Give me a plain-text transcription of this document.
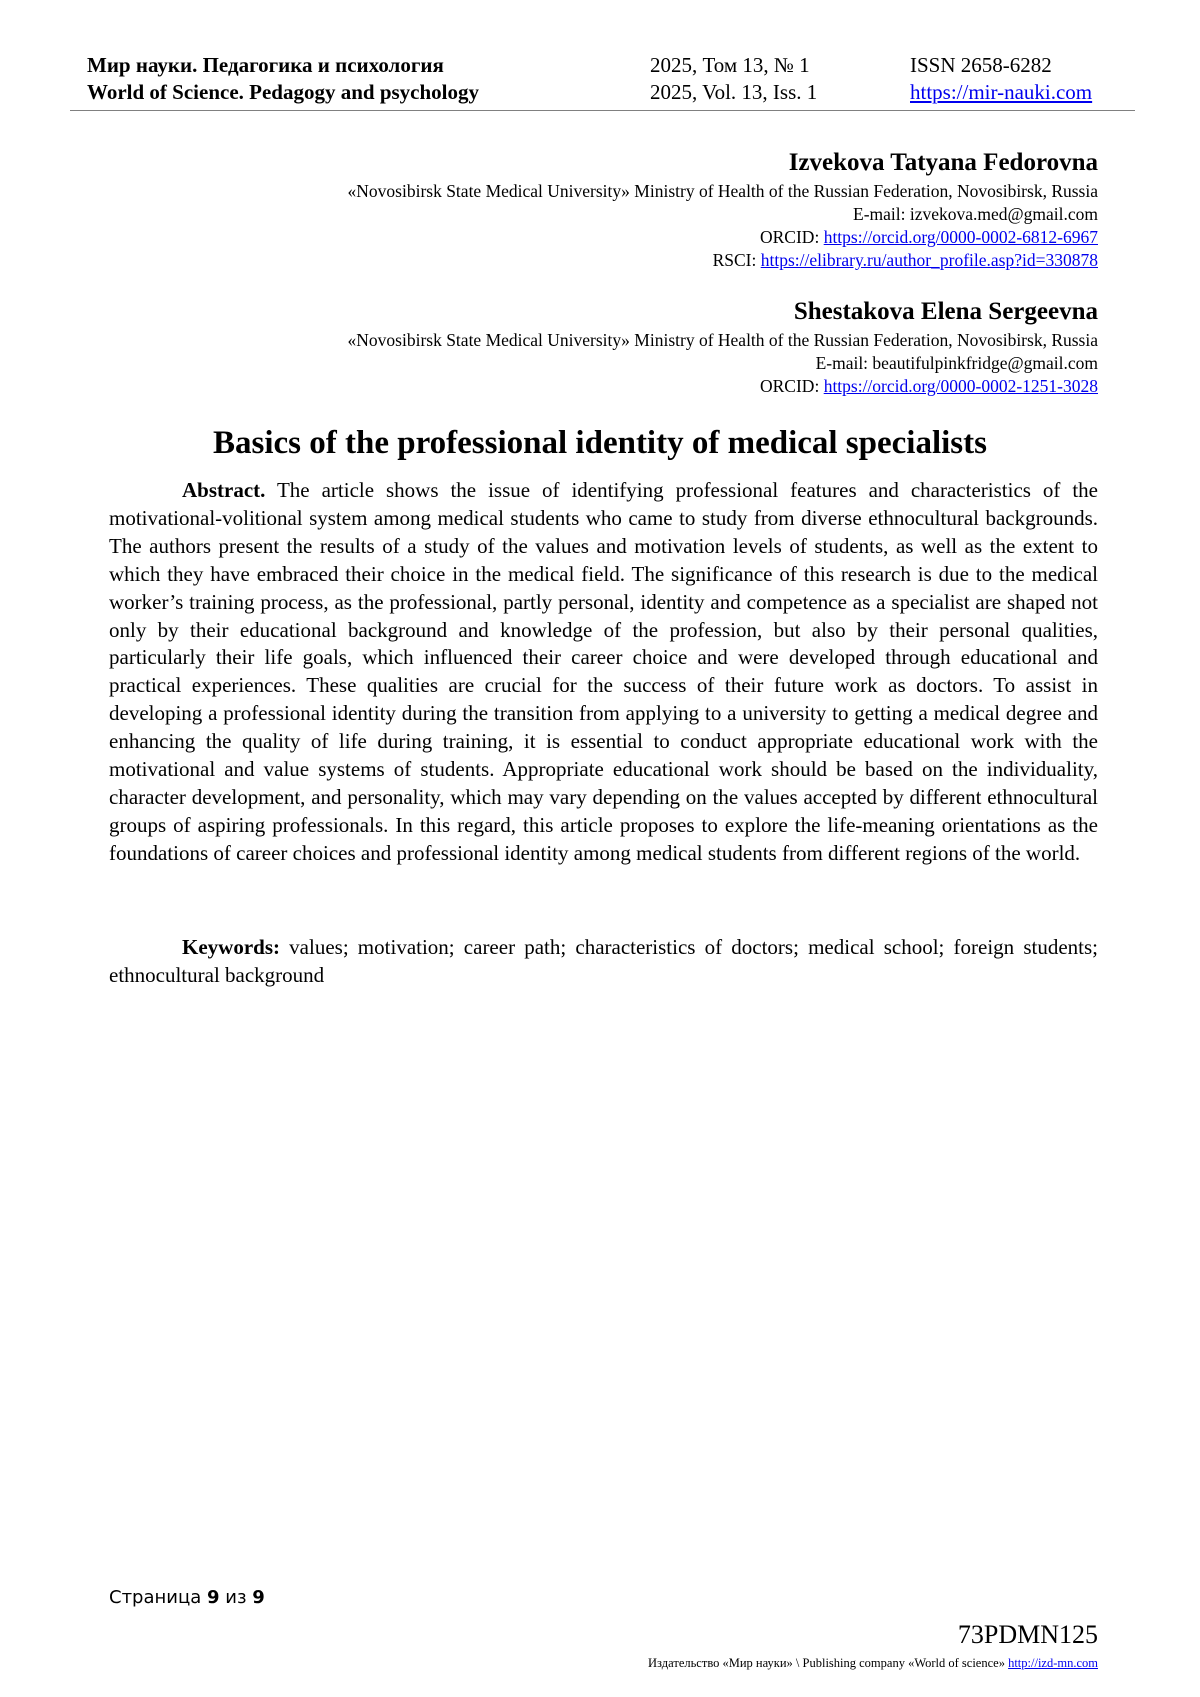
Мир науки. Педагогика и психология	2025, Том 13, № 1	ISSN 2658-6282
World of Science. Pedagogy and psychology	2025, Vol. 13, Iss. 1	https://mir-nauki.com
Izvekova Tatyana Fedorovna
«Novosibirsk State Medical University» Ministry of Health of the Russian Federation, Novosibirsk, Russia
E-mail: izvekova.med@gmail.com
ORCID: https://orcid.org/0000-0002-6812-6967
RSCI: https://elibrary.ru/author_profile.asp?id=330878
Shestakova Elena Sergeevna
«Novosibirsk State Medical University» Ministry of Health of the Russian Federation, Novosibirsk, Russia
E-mail: beautifulpinkfridge@gmail.com
ORCID: https://orcid.org/0000-0002-1251-3028
Basics of the professional identity of medical specialists

Abstract. The article shows the issue of identifying professional features and characteristics of the motivational-volitional system among medical students who came to study from diverse ethnocultural backgrounds. The authors present the results of a study of the values and motivation levels of students, as well as the extent to which they have embraced their choice in the medical field. The significance of this research is due to the medical worker’s training process, as the professional, partly personal, identity and competence as a specialist are shaped not only by their educational background and knowledge of the profession, but also by their personal qualities, particularly their life goals, which influenced their career choice and were developed through educational and practical experiences. These qualities are crucial for the success of their future work as doctors. To assist in developing a professional identity during the transition from applying to a university to getting a medical degree and enhancing the quality of life during training, it is essential to conduct appropriate educational work with the motivational and value systems of students. Appropriate educational work should be based on the individuality, character development, and personality, which may vary depending on the values accepted by different ethnocultural groups of aspiring professionals. In this regard, this article proposes to explore the life-meaning orientations as the foundations of career choices and professional identity among medical students from different regions of the world.

Keywords: values; motivation; career path; characteristics of doctors; medical school; foreign students; ethnocultural background

Страница 9 из 9
73PDMN125
Издательство «Мир науки» \ Publishing company «World of science» http://izd-mn.com
